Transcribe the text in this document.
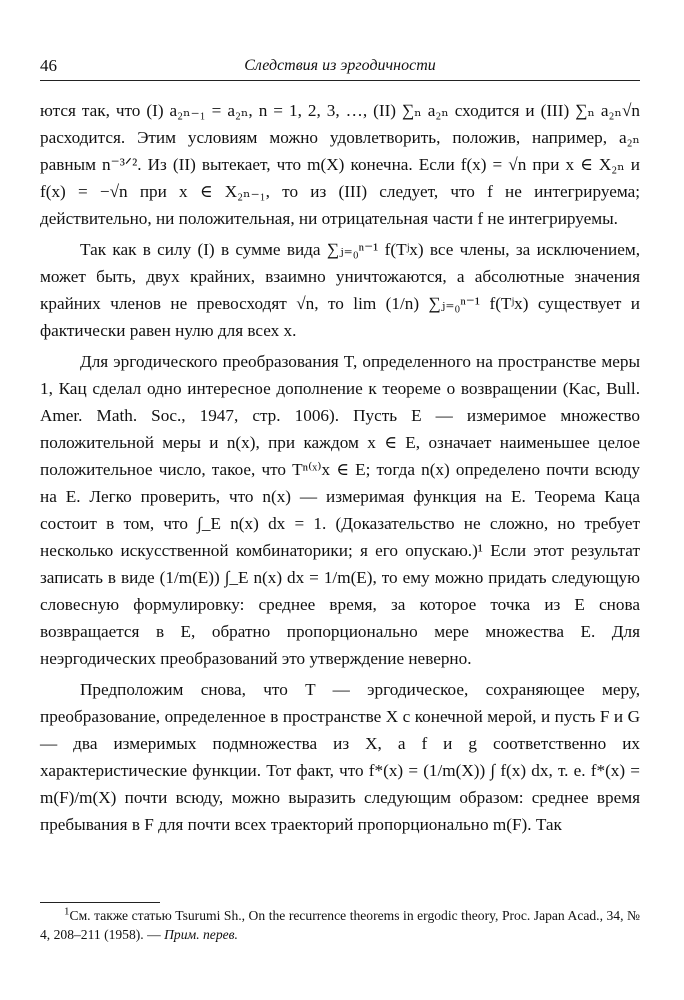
46	Следствия из эргодичности

ются так, что (I) a₂ₙ₋₁ = a₂ₙ, n = 1, 2, 3, …, (II) ∑ₙ a₂ₙ сходится и (III) ∑ₙ a₂ₙ√n расходится. Этим условиям можно удовлетворить, положив, например, a₂ₙ равным n⁻³ᐟ². Из (II) вытекает, что m(X) конечна. Если f(x) = √n при x ∈ X₂ₙ и f(x) = −√n при x ∈ X₂ₙ₋₁, то из (III) следует, что f не интегрируема; действительно, ни положительная, ни отрицательная части f не интегрируемы.

Так как в силу (I) в сумме вида ∑ⱼ₌₀ⁿ⁻¹ f(Tʲx) все члены, за исключением, может быть, двух крайних, взаимно уничтожаются, а абсолютные значения крайних членов не превосходят √n, то lim (1/n) ∑ⱼ₌₀ⁿ⁻¹ f(Tʲx) существует и фактически равен нулю для всех x.

Для эргодического преобразования T, определенного на пространстве меры 1, Кац сделал одно интересное дополнение к теореме о возвращении (Kac, Bull. Amer. Math. Soc., 1947, стр. 1006). Пусть E — измеримое множество положительной меры и n(x), при каждом x ∈ E, означает наименьшее целое положительное число, такое, что Tⁿ⁽ˣ⁾x ∈ E; тогда n(x) определено почти всюду на E. Легко проверить, что n(x) — измеримая функция на E. Теорема Каца состоит в том, что ∫_E n(x) dx = 1. (Доказательство не сложно, но требует несколько искусственной комбинаторики; я его опускаю.)¹ Если этот результат записать в виде (1/m(E)) ∫_E n(x) dx = 1/m(E), то ему можно придать следующую словесную формулировку: среднее время, за которое точка из E снова возвращается в E, обратно пропорционально мере множества E. Для неэргодических преобразований это утверждение неверно.

Предположим снова, что T — эргодическое, сохраняющее меру, преобразование, определенное в пространстве X с конечной мерой, и пусть F и G — два измеримых подмножества из X, а f и g соответственно их характеристические функции. Тот факт, что f*(x) = (1/m(X)) ∫ f(x) dx, т. е. f*(x) = m(F)/m(X) почти всюду, можно выразить следующим образом: среднее время пребывания в F для почти всех траекторий пропорционально m(F). Так

$^1$См. также статью Tsurumi Sh., On the recurrence theorems in ergodic theory, Proc. Japan Acad., 34, № 4, 208–211 (1958). — Прим. перев.
